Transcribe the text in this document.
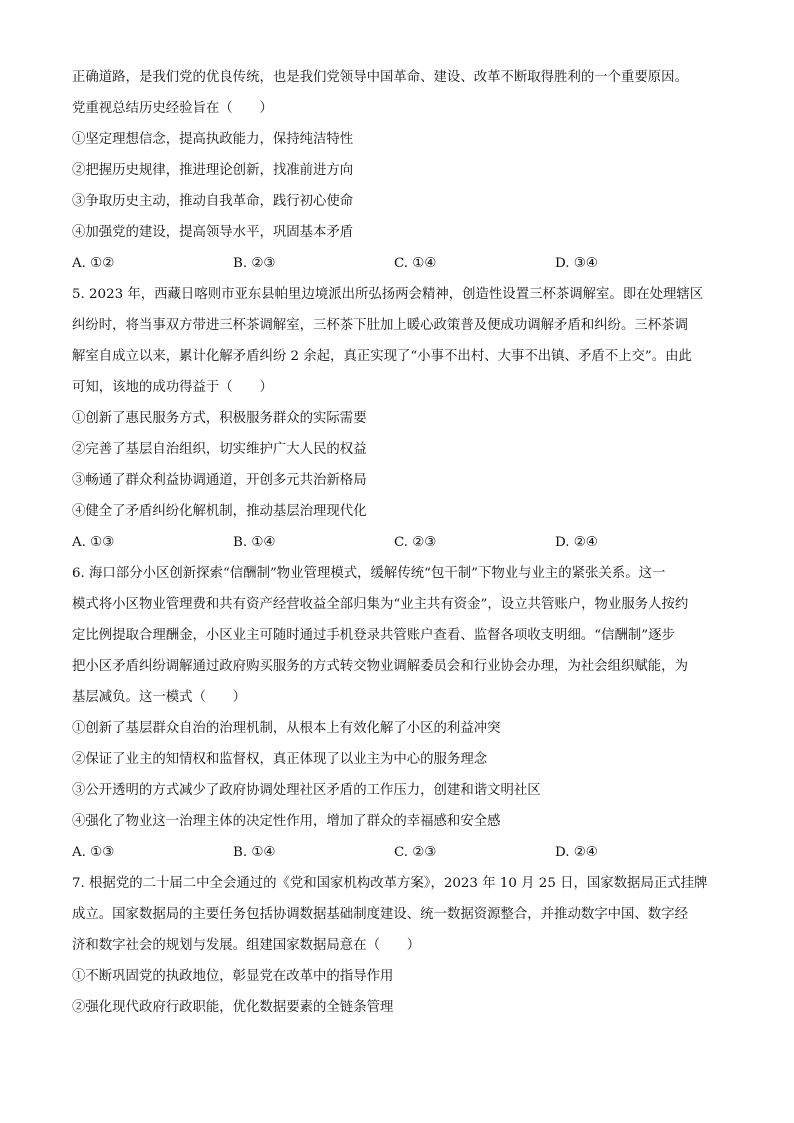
正确道路，是我们党的优良传统，也是我们党领导中国革命、建设、改革不断取得胜利的一个重要原因。
党重视总结历史经验旨在（　　）
①坚定理想信念，提高执政能力，保持纯洁特性
②把握历史规律，推进理论创新，找准前进方向
③争取历史主动，推动自我革命，践行初心使命
④加强党的建设，提高领导水平，巩固基本矛盾
A. ①②	B. ②③	C. ①④	D. ③④
5. 2023 年，西藏日喀则市亚东县帕里边境派出所弘扬两会精神，创造性设置三杯茶调解室。即在处理辖区
纠纷时，将当事双方带进三杯茶调解室，三杯茶下肚加上暖心政策普及便成功调解矛盾和纠纷。三杯茶调
解室自成立以来，累计化解矛盾纠纷 2 余起，真正实现了“小事不出村、大事不出镇、矛盾不上交”。由此
可知，该地的成功得益于（　　）
①创新了惠民服务方式，积极服务群众的实际需要
②完善了基层自治组织，切实维护广大人民的权益
③畅通了群众利益协调通道，开创多元共治新格局
④健全了矛盾纠纷化解机制，推动基层治理现代化
A. ①③	B. ①④	C. ②③	D. ②④
6. 海口部分小区创新探索“信酬制”物业管理模式，缓解传统“包干制”下物业与业主的紧张关系。这一
模式将小区物业管理费和共有资产经营收益全部归集为“业主共有资金”，设立共管账户，物业服务人按约
定比例提取合理酬金，小区业主可随时通过手机登录共管账户查看、监督各项收支明细。“信酬制”逐步
把小区矛盾纠纷调解通过政府购买服务的方式转交物业调解委员会和行业协会办理，为社会组织赋能，为
基层减负。这一模式（　　）
①创新了基层群众自治的治理机制，从根本上有效化解了小区的利益冲突
②保证了业主的知情权和监督权，真正体现了以业主为中心的服务理念
③公开透明的方式减少了政府协调处理社区矛盾的工作压力，创建和谐文明社区
④强化了物业这一治理主体的决定性作用，增加了群众的幸福感和安全感
A. ①③	B. ①④	C. ②③	D. ②④
7. 根据党的二十届二中全会通过的《党和国家机构改革方案》，2023 年 10 月 25 日，国家数据局正式挂牌
成立。国家数据局的主要任务包括协调数据基础制度建设、统一数据资源整合，并推动数字中国、数字经
济和数字社会的规划与发展。组建国家数据局意在（　　）
①不断巩固党的执政地位，彰显党在改革中的指导作用
②强化现代政府行政职能，优化数据要素的全链条管理
